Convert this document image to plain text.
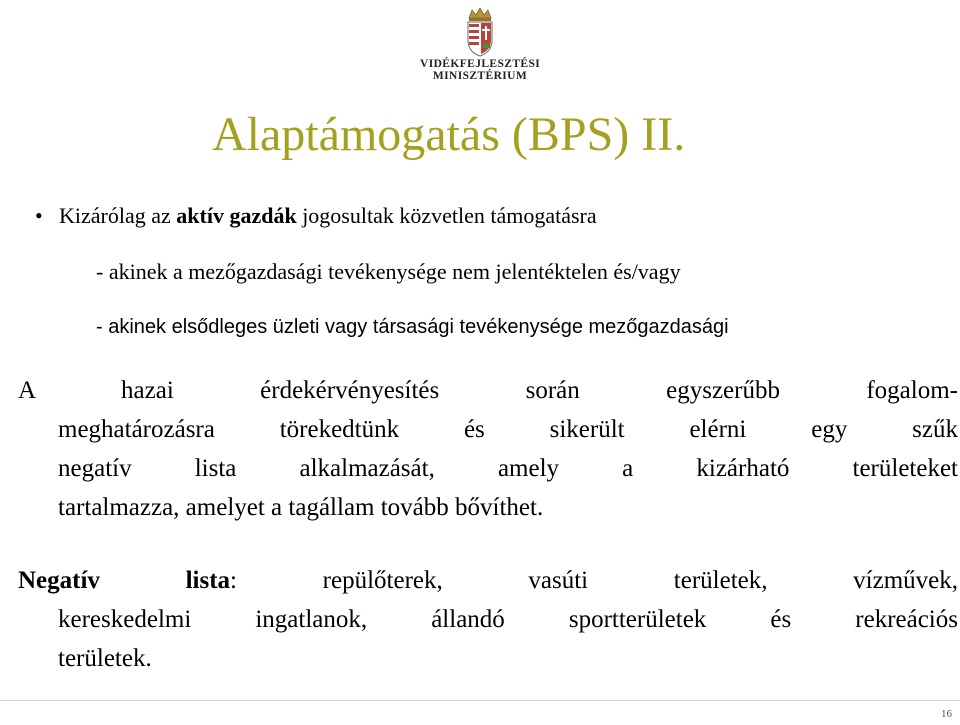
VIDÉKFEJLESZTÉSI
MINISZTÉRIUM
Alaptámogatás (BPS) II.
• Kizárólag az aktív gazdák jogosultak közvetlen támogatásra
- akinek a mezőgazdasági tevékenysége nem jelentéktelen és/vagy
- akinek elsődleges üzleti vagy társasági tevékenysége mezőgazdasági
A hazai érdekérvényesítés során egyszerűbb fogalom-
meghatározásra törekedtünk és sikerült elérni egy szűk
negatív lista alkalmazását, amely a kizárható területeket
tartalmazza, amelyet a tagállam tovább bővíthet.
Negatív lista: repülőterek, vasúti területek, vízművek,
kereskedelmi ingatlanok, állandó sportterületek és rekreációs
területek.
16
